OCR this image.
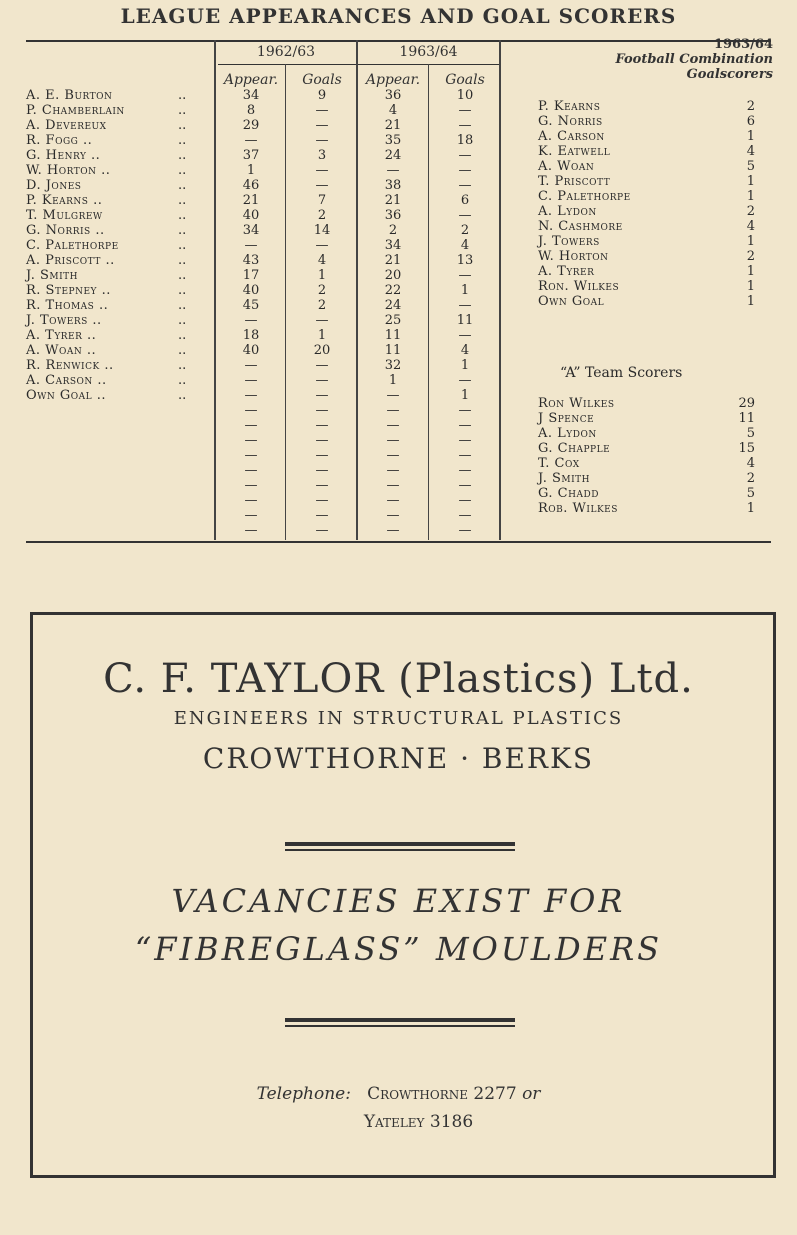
LEAGUE APPEARANCES AND GOAL SCORERS
1962/63	1963/64
Appear.	Goals	Appear.	Goals
A. E. Burton	..	34	9	36	10
P. Chamberlain	..	8	—	4	—
A. Devereux	..	29	—	21	—
R. Fogg ..	..	—	—	35	18
G. Henry ..	..	37	3	24	—
W. Horton ..	..	1	—	—	—
D. Jones	..	46	—	38	—
P. Kearns ..	..	21	7	21	6
T. Mulgrew	..	40	2	36	—
G. Norris ..	..	34	14	2	2
C. Palethorpe	..	—	—	34	4
A. Priscott ..	..	43	4	21	13
J. Smith	..	17	1	20	—
R. Stepney ..	..	40	2	22	1
R. Thomas ..	..	45	2	24	—
J. Towers ..	..	—	—	25	11
A. Tyrer ..	..	18	1	11	—
A. Woan ..	..	40	20	11	4
R. Renwick ..	..	—	—	32	1
A. Carson ..	..	—	—	1	—
Own Goal ..	..	—	—	—	1
—	—	—	—
—	—	—	—
—	—	—	—
—	—	—	—
—	—	—	—
—	—	—	—
—	—	—	—
—	—	—	—
—	—	—	—
1963/64
Football Combination
Goalscorers
P. Kearns	2
G. Norris	6
A. Carson	1
K. Eatwell	4
A. Woan	5
T. Priscott	1
C. Palethorpe	1
A. Lydon	2
N. Cashmore	4
J. Towers	1
W. Horton	2
A. Tyrer	1
Ron. Wilkes	1
Own Goal	1
“A” Team Scorers
Ron Wilkes	29
J Spence	11
A. Lydon	5
G. Chapple	15
T. Cox	4
J. Smith	2
G. Chadd	5
Rob. Wilkes	1
C. F. TAYLOR (Plastics) Ltd.
ENGINEERS IN STRUCTURAL PLASTICS
CROWTHORNE · BERKS
VACANCIES EXIST FOR
“FIBREGLASS” MOULDERS
Telephone: Crowthorne 2277 or
Yateley 3186
